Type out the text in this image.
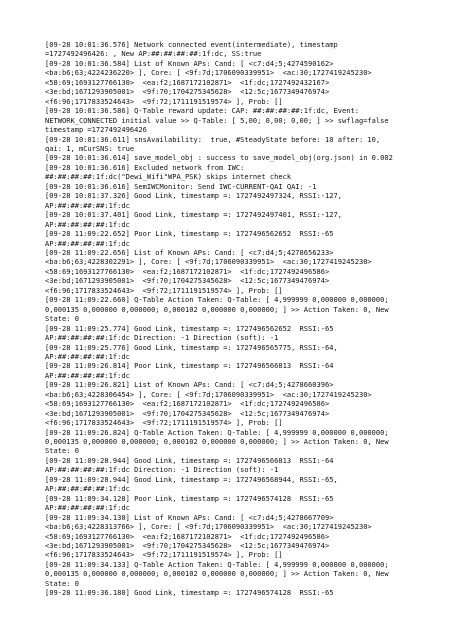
[09-28 10:01:36.576] Network connected event(intermediate), timestamp

=1727492496426: , New AP:##:##:##:##:1f:dc, SS:true

[09-28 10:01:36.584] List of Known APs: Cand: [ <c7:d4;5;4274590162>

<ba:b6;63;4224236220> ], Core: [ <9f:7d;1706090339951>  <ac:30;1727419245230>

<58:69;1693127766130>  <ea:f2;1687172102871>  <1f:dc;1727492432167>

<3e:bd;1671293905001>  <9f:70;1704275345628>  <12:5c;1677349476974>

<f6:96;1717833524643>  <9f:72;1711191519574> ], Prob: []

[09-28 10:01:36.586] Q-Table reward update: CAP: ##:##:##:##:1f:dc, Event:

NETWORK_CONNECTED initial value >> Q-Table: [ 5,00; 0,00; 0,00; ] >> swflag=false

timestamp =1727492496426

[09-28 10:01:36.611] snsAvailability:  true, #SteadyState before: 10 after: 10,

qai: 1, mCurSNS: true

[09-28 10:01:36.614] save_model_obj : success to save_model_obj(org.json) in 0.002

[09-28 10:01:36.616] Excluded network from IWC:

##:##:##:##:1f:dc("Dewi_Wifi"WPA_PSK) skips internet check

[09-28 10:01:36.616] SemIWCMonitor: Send IWC-CURRENT-QAI QAI: -1

[09-28 10:01:37.326] Good Link, timestamp =: 1727492497324, RSSI:-127,

AP:##:##:##:##:1f:dc

[09-28 10:01:37.401] Good Link, timestamp =: 1727492497401, RSSI:-127,

AP:##:##:##:##:1f:dc

[09-28 11:09:22.652] Poor Link, timestamp =: 1727496562652  RSSI:-65

AP:##:##:##:##:1f:dc

[09-28 11:09:22.656] List of Known APs: Cand: [ <c7:d4;5;4278656233>

<ba:b6;63;4228302291> ], Core: [ <9f:7d;1706090339951>  <ac:30;1727419245230>

<58:69;1693127766130>  <ea:f2;1687172102871>  <1f:dc;1727492496586>

<3e:bd;1671293905001>  <9f:70;1704275345628>  <12:5c;1677349476974>

<f6:96;1717833524643>  <9f:72;1711191519574> ], Prob: []

[09-28 11:09:22.660] Q-Table Action Taken: Q-Table: [ 4,999999 0,000000 0,000000;

0,000135 0,000000 0,000000; 0,000102 0,000000 0,000000; ] >> Action Taken: 0, New

State: 0

[09-28 11:09:25.774] Good Link, timestamp =: 1727496562652  RSSI:-65

AP:##:##:##:##:1f:dc Direction: -1 Direction (soft): -1

[09-28 11:09:25.776] Good Link, timestamp =: 1727496565775, RSSI:-64,

AP:##:##:##:##:1f:dc

[09-28 11:09:26.814] Poor Link, timestamp =: 1727496566813  RSSI:-64

AP:##:##:##:##:1f:dc

[09-28 11:09:26.821] List of Known APs: Cand: [ <c7:d4;5;4278660396>

<ba:b6;63;4228306454> ], Core: [ <9f:7d;1706090339951>  <ac:30;1727419245230>

<58:69;1693127766130>  <ea:f2;1687172102871>  <1f:dc;1727492496586>

<3e:bd;1671293905001>  <9f:70;1704275345628>  <12:5c;1677349476974>

<f6:96;1717833524643>  <9f:72;1711191519574> ], Prob: []

[09-28 11:09:26.824] Q-Table Action Taken: Q-Table: [ 4,999999 0,000000 0,000000;

0,000135 0,000000 0,000000; 0,000102 0,000000 0,000000; ] >> Action Taken: 0, New

State: 0

[09-28 11:09:28.944] Good Link, timestamp =: 1727496566813  RSSI:-64

AP:##:##:##:##:1f:dc Direction: -1 Direction (soft): -1

[09-28 11:09:28.944] Good Link, timestamp =: 1727496568944, RSSI:-65,

AP:##:##:##:##:1f:dc

[09-28 11:09:34.128] Poor Link, timestamp =: 1727496574128  RSSI:-65

AP:##:##:##:##:1f:dc

[09-28 11:09:34.130] List of Known APs: Cand: [ <c7:d4;5;4278667709>

<ba:b6;63;4228313766> ], Core: [ <9f:7d;1706090339951>  <ac:30;1727419245230>

<58:69;1693127766130>  <ea:f2;1687172102871>  <1f:dc;1727492496586>

<3e:bd;1671293905001>  <9f:70;1704275345628>  <12:5c;1677349476974>

<f6:96;1717833524643>  <9f:72;1711191519574> ], Prob: []

[09-28 11:09:34.133] Q-Table Action Taken: Q-Table: [ 4,999999 0,000000 0,000000;

0,000135 0,000000 0,000000; 0,000102 0,000000 0,000000; ] >> Action Taken: 0, New

State: 0

[09-28 11:09:36.180] Good Link, timestamp =: 1727496574128  RSSI:-65
